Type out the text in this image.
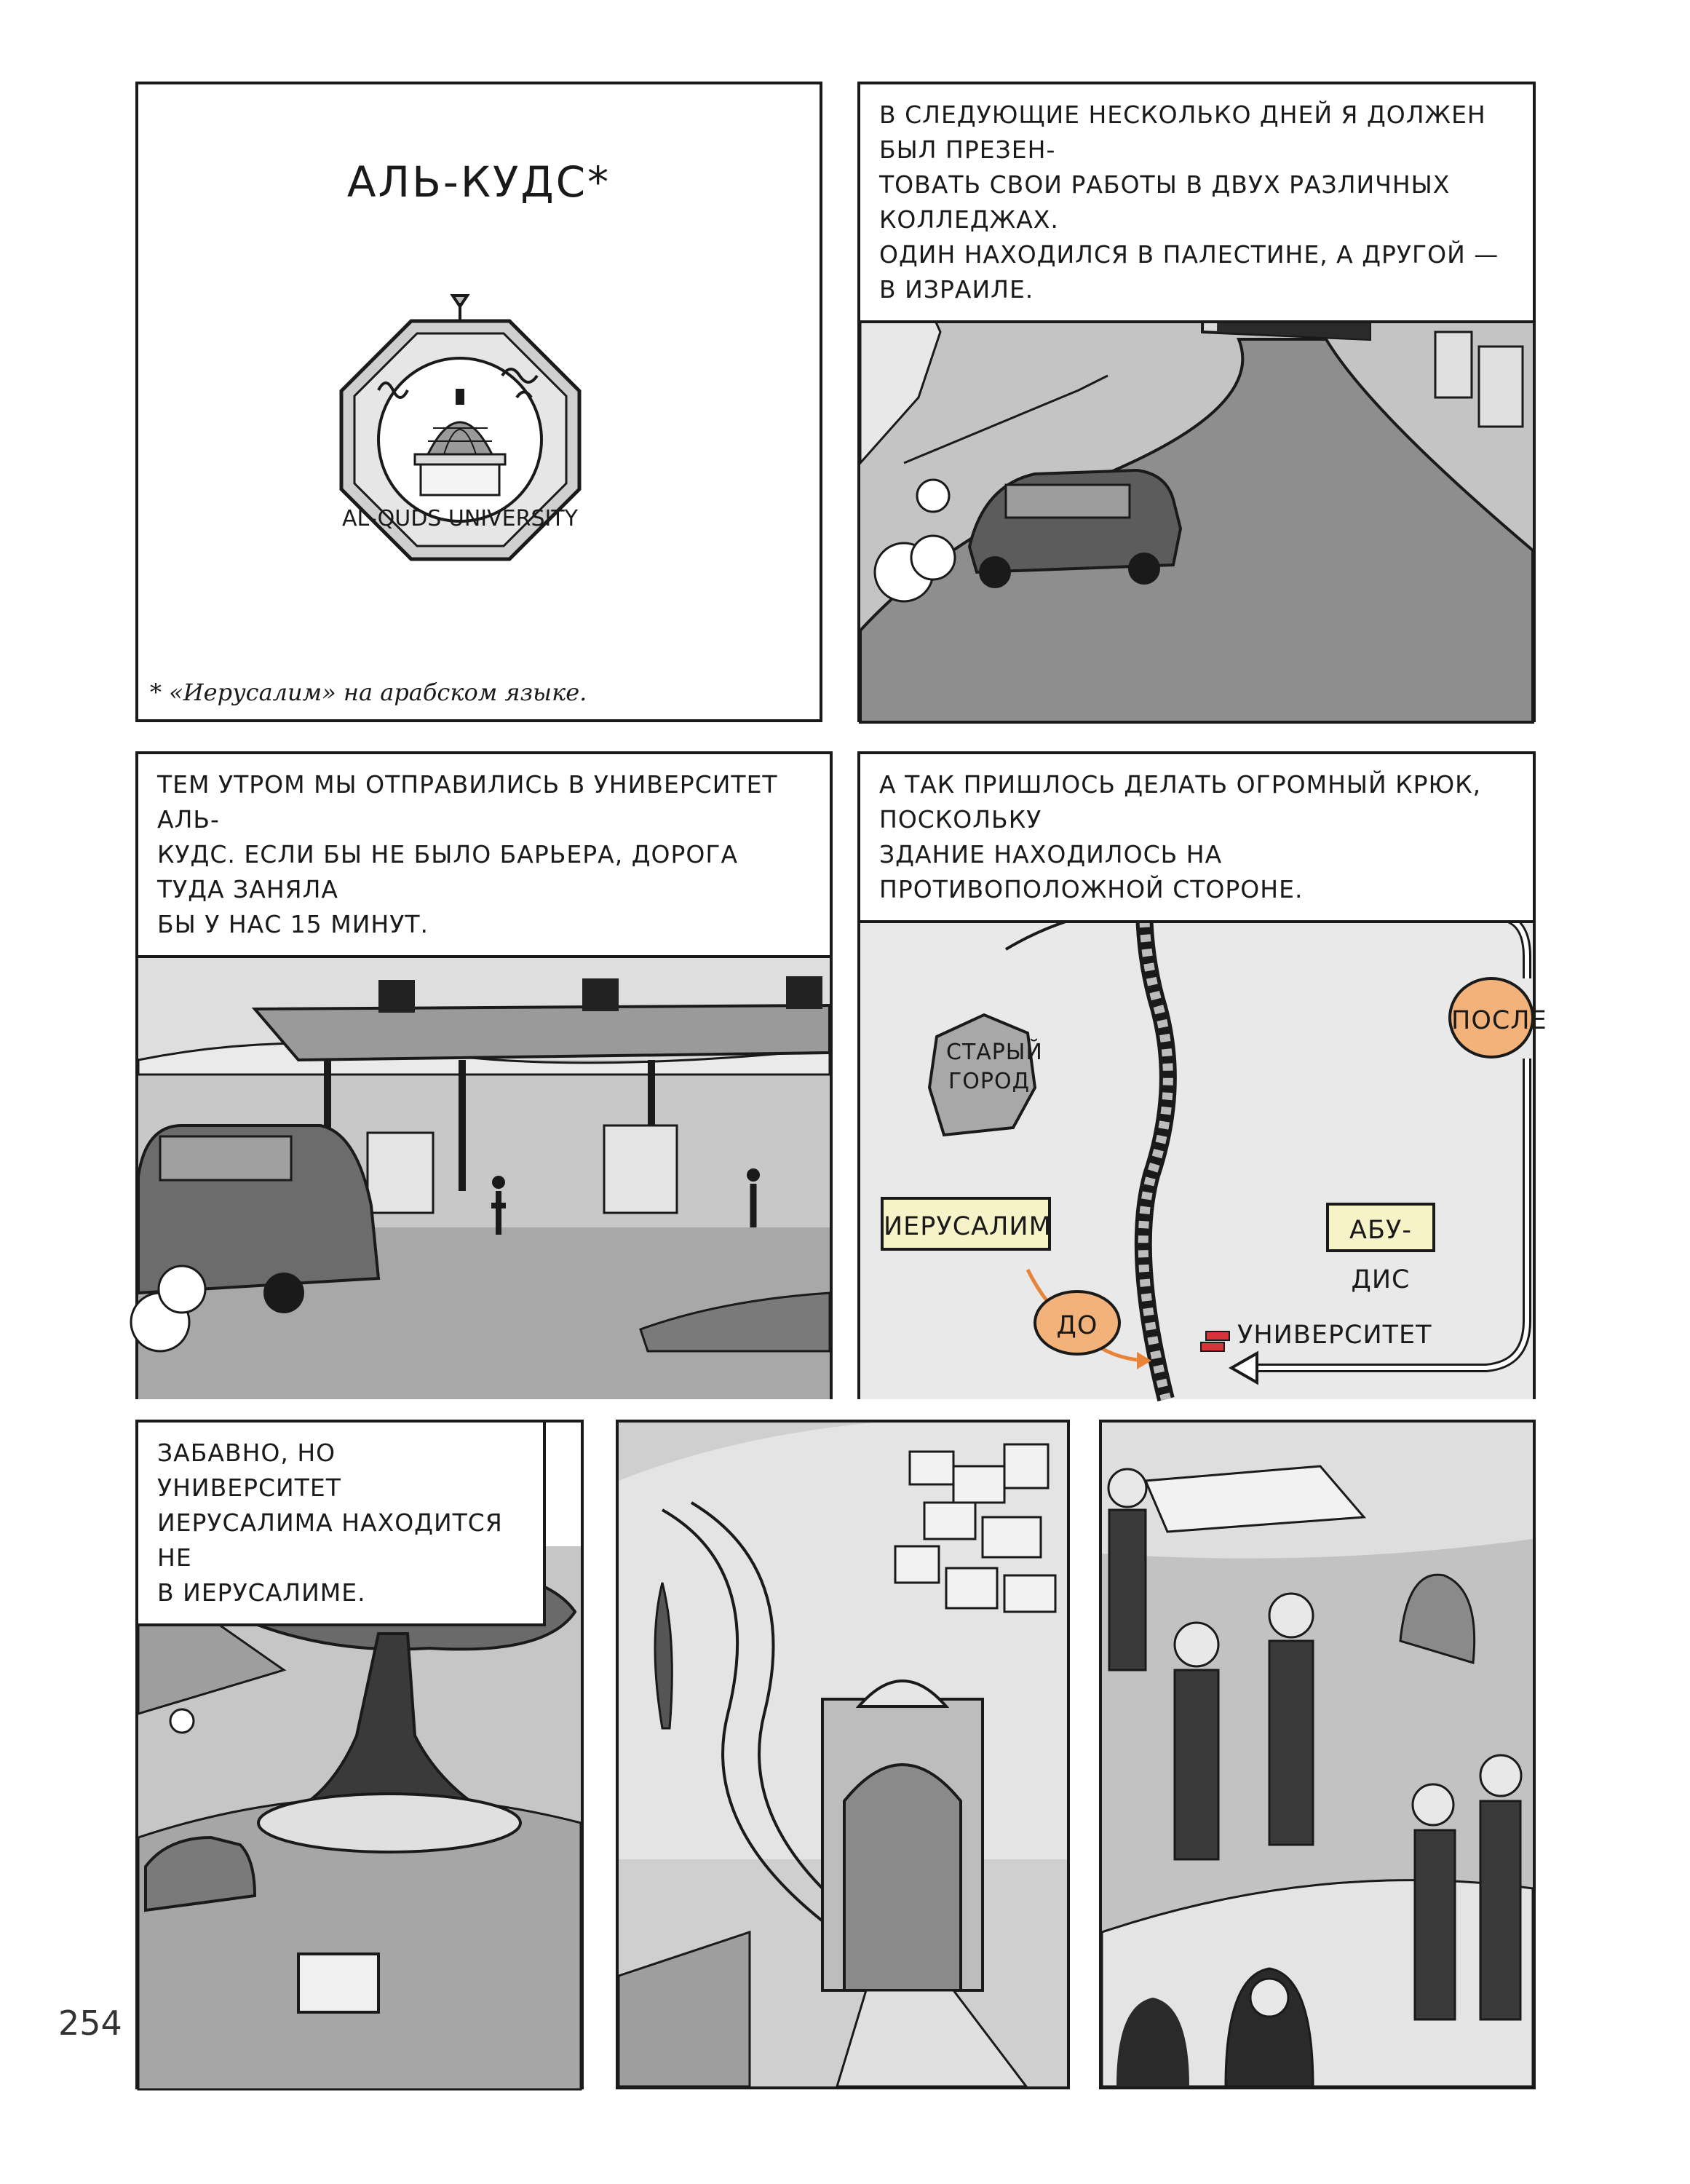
АЛЬ-КУДС*
AL-QUDS UNIVERSITY
* «Иерусалим» на арабском языке.
В СЛЕДУЮЩИЕ НЕСКОЛЬКО ДНЕЙ Я ДОЛЖЕН БЫЛ ПРЕЗЕН-
ТОВАТЬ СВОИ РАБОТЫ В ДВУХ РАЗЛИЧНЫХ КОЛЛЕДЖАХ.
ОДИН НАХОДИЛСЯ В ПАЛЕСТИНЕ, А ДРУГОЙ — В ИЗРАИЛЕ.
ТЕМ УТРОМ МЫ ОТПРАВИЛИСЬ В УНИВЕРСИТЕТ АЛЬ-
КУДС. ЕСЛИ БЫ НЕ БЫЛО БАРЬЕРА, ДОРОГА ТУДА ЗАНЯЛА
БЫ У НАС 15 МИНУТ.
А ТАК ПРИШЛОСЬ ДЕЛАТЬ ОГРОМНЫЙ КРЮК, ПОСКОЛЬКУ
ЗДАНИЕ НАХОДИЛОСЬ НА ПРОТИВОПОЛОЖНОЙ СТОРОНЕ.
СТАРЫЙ
ГОРОД
ИЕРУСАЛИМ	АБУ-ДИС
ДО
ПОСЛЕ
УНИВЕРСИТЕТ
ЗАБАВНО, НО УНИВЕРСИТЕТ
ИЕРУСАЛИМА НАХОДИТСЯ НЕ
В ИЕРУСАЛИМЕ.
254
